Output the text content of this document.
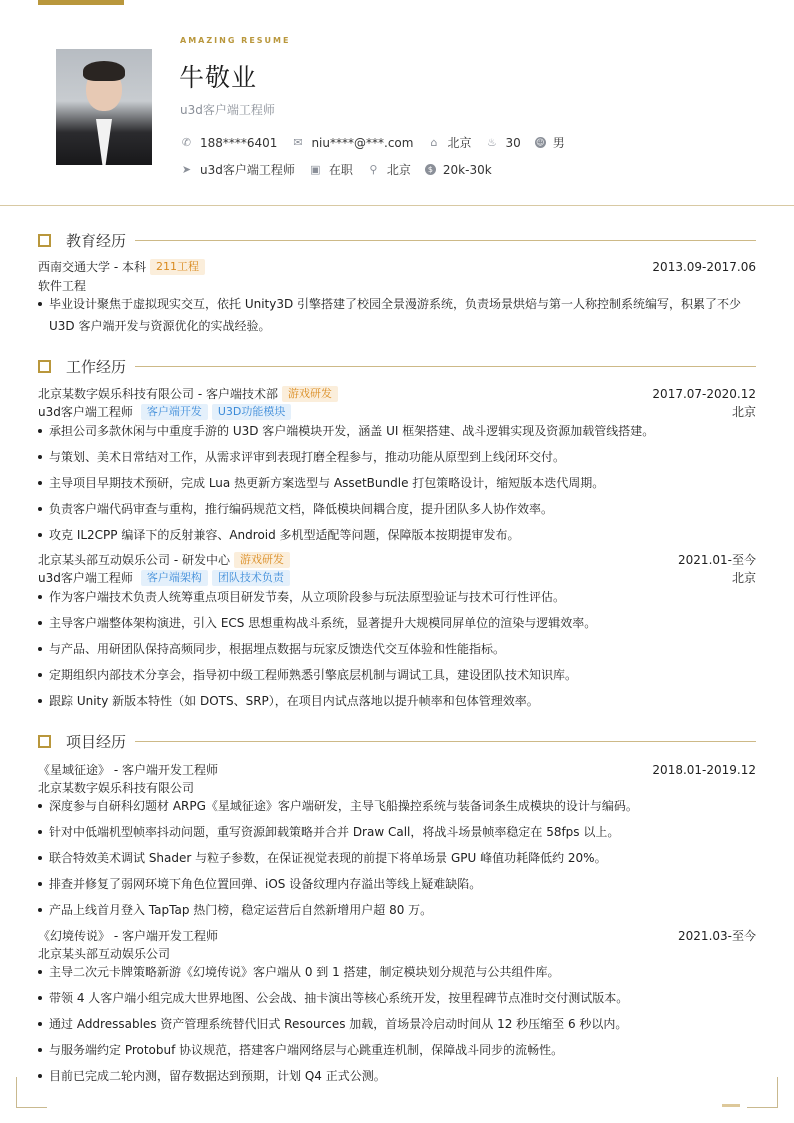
AMAZING RESUME
牛敬业
u3d客户端工程师
✆ 188****6401 ✉ niu****@***.com ⌂ 北京 ♨ 30 ☺ 男
➤ u3d客户端工程师 ▣ 在职 ⚲ 北京	$ 20k-30k
教育经历
西南交通大学 - 本科 211工程	2013.09-2017.06
软件工程
毕业设计聚焦于虚拟现实交互，依托 Unity3D 引擎搭建了校园全景漫游系统，负责场景烘焙与第一人称控制系统编写，积累了不少 U3D 客户端开发与资源优化的实战经验。
工作经历
北京某数字娱乐科技有限公司 - 客户端技术部 游戏研发	2017.07-2020.12
u3d客户端工程师	客户端开发	U3D功能模块	北京
承担公司多款休闲与中重度手游的 U3D 客户端模块开发，涵盖 UI 框架搭建、战斗逻辑实现及资源加载管线搭建。
与策划、美术日常结对工作，从需求评审到表现打磨全程参与，推动功能从原型到上线闭环交付。
主导项目早期技术预研，完成 Lua 热更新方案选型与 AssetBundle 打包策略设计，缩短版本迭代周期。
负责客户端代码审查与重构，推行编码规范文档，降低模块间耦合度，提升团队多人协作效率。
攻克 IL2CPP 编译下的反射兼容、Android 多机型适配等问题，保障版本按期提审发布。
北京某头部互动娱乐公司 - 研发中心 游戏研发	2021.01-至今
u3d客户端工程师	客户端架构	团队技术负责	北京
作为客户端技术负责人统筹重点项目研发节奏，从立项阶段参与玩法原型验证与技术可行性评估。
主导客户端整体架构演进，引入 ECS 思想重构战斗系统，显著提升大规模同屏单位的渲染与逻辑效率。
与产品、用研团队保持高频同步，根据埋点数据与玩家反馈迭代交互体验和性能指标。
定期组织内部技术分享会，指导初中级工程师熟悉引擎底层机制与调试工具，建设团队技术知识库。
跟踪 Unity 新版本特性（如 DOTS、SRP），在项目内试点落地以提升帧率和包体管理效率。
项目经历
《星域征途》 - 客户端开发工程师	2018.01-2019.12
北京某数字娱乐科技有限公司
深度参与自研科幻题材 ARPG《星域征途》客户端研发，主导飞船操控系统与装备词条生成模块的设计与编码。
针对中低端机型帧率抖动问题，重写资源卸载策略并合并 Draw Call，将战斗场景帧率稳定在 58fps 以上。
联合特效美术调试 Shader 与粒子参数，在保证视觉表现的前提下将单场景 GPU 峰值功耗降低约 20%。
排查并修复了弱网环境下角色位置回弹、iOS 设备纹理内存溢出等线上疑难缺陷。
产品上线首月登入 TapTap 热门榜，稳定运营后自然新增用户超 80 万。
《幻境传说》 - 客户端开发工程师	2021.03-至今
北京某头部互动娱乐公司
主导二次元卡牌策略新游《幻境传说》客户端从 0 到 1 搭建，制定模块划分规范与公共组件库。
带领 4 人客户端小组完成大世界地图、公会战、抽卡演出等核心系统开发，按里程碑节点准时交付测试版本。
通过 Addressables 资产管理系统替代旧式 Resources 加载，首场景冷启动时间从 12 秒压缩至 6 秒以内。
与服务端约定 Protobuf 协议规范，搭建客户端网络层与心跳重连机制，保障战斗同步的流畅性。
目前已完成二轮内测，留存数据达到预期，计划 Q4 正式公测。
